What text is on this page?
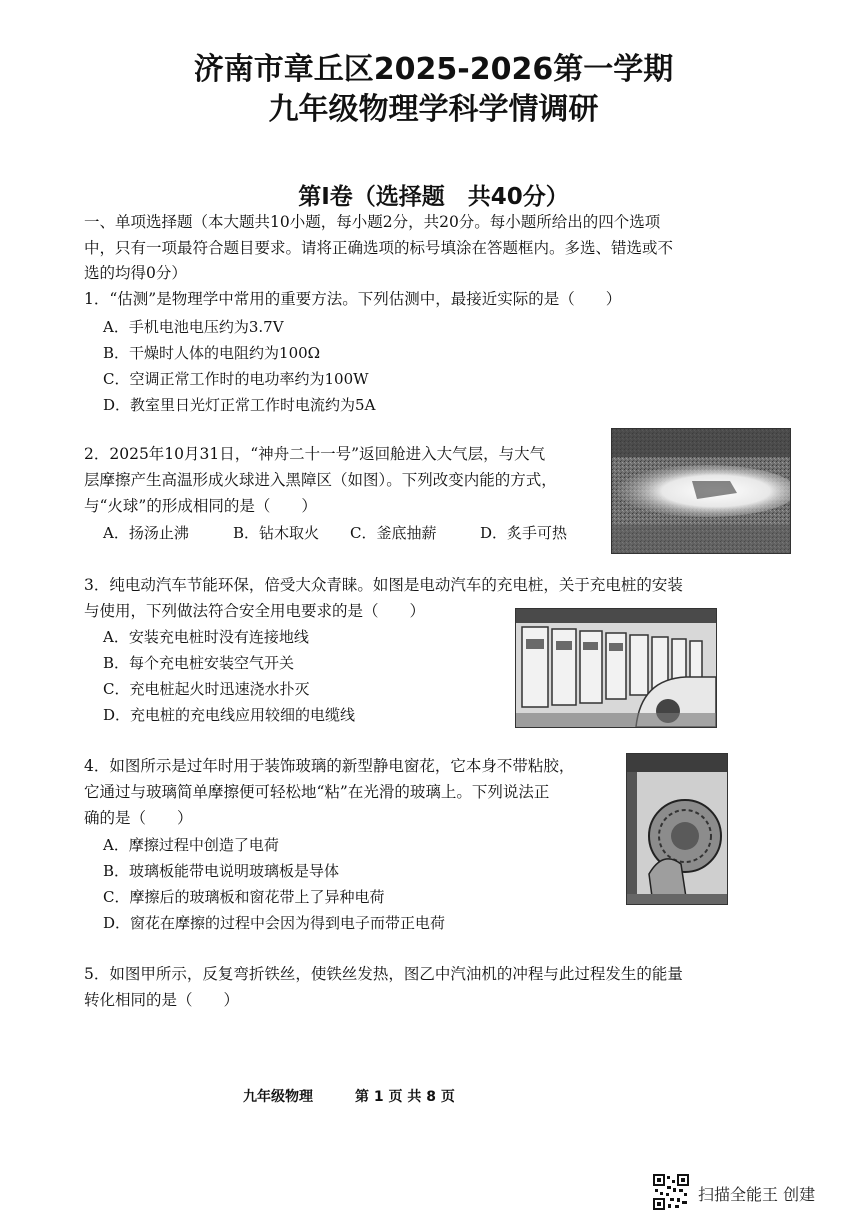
济南市章丘区2025-2026第一学期
九年级物理学科学情调研
第Ⅰ卷（选择题　共40分）
一、单项选择题（本大题共10小题，每小题2分，共20分。每小题所给出的四个选项
中，只有一项最符合题目要求。请将正确选项的标号填涂在答题框内。多选、错选或不
选的均得0分）
1．“估测”是物理学中常用的重要方法。下列估测中，最接近实际的是（　　）
A．手机电池电压约为3.7V
B．干燥时人体的电阻约为100Ω
C．空调正常工作时的电功率约为100W
D．教室里日光灯正常工作时电流约为5A
2．2025年10月31日，“神舟二十一号”返回舱进入大气层，与大气
层摩擦产生高温形成火球进入黑障区（如图）。下列改变内能的方式，
与“火球”的形成相同的是（　　）
A．扬汤止沸	B．钻木取火 C．釜底抽薪	D．炙手可热
3．纯电动汽车节能环保，倍受大众青睐。如图是电动汽车的充电桩，关于充电桩的安装
与使用，下列做法符合安全用电要求的是（　　）
A．安装充电桩时没有连接地线
B．每个充电桩安装空气开关
C．充电桩起火时迅速浇水扑灭
D．充电桩的充电线应用较细的电缆线
4．如图所示是过年时用于装饰玻璃的新型静电窗花，它本身不带粘胶，
它通过与玻璃简单摩擦便可轻松地“粘”在光滑的玻璃上。下列说法正
确的是（　　）
A．摩擦过程中创造了电荷
B．玻璃板能带电说明玻璃板是导体
C．摩擦后的玻璃板和窗花带上了异种电荷
D．窗花在摩擦的过程中会因为得到电子而带正电荷
5．如图甲所示，反复弯折铁丝，使铁丝发热，图乙中汽油机的冲程与此过程发生的能量
转化相同的是（　　）
九年级物理	第 1 页 共 8 页
扫描全能王 创建
